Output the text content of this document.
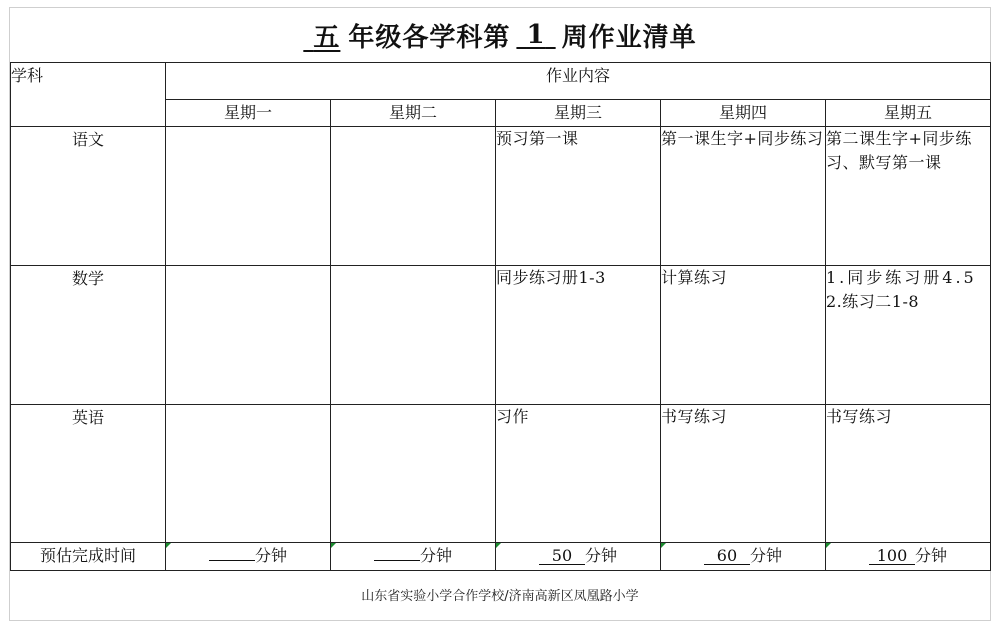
五 年级各学科第 1 周作业清单
学科	作业内容				
	星期一	星期二	星期三	星期四	星期五
语文			预习第一课	第一课生字+同步练习	第二课生字+同步练习、默写第一课
数学			同步练习册1-3	计算练习	1.同步练习册4.5
2.练习二1-8

英语			习作	书写练习	书写练习
预估完成时间	分钟	分钟	50 分钟	60 分钟	100 分钟
山东省实验小学合作学校/济南高新区凤凰路小学
